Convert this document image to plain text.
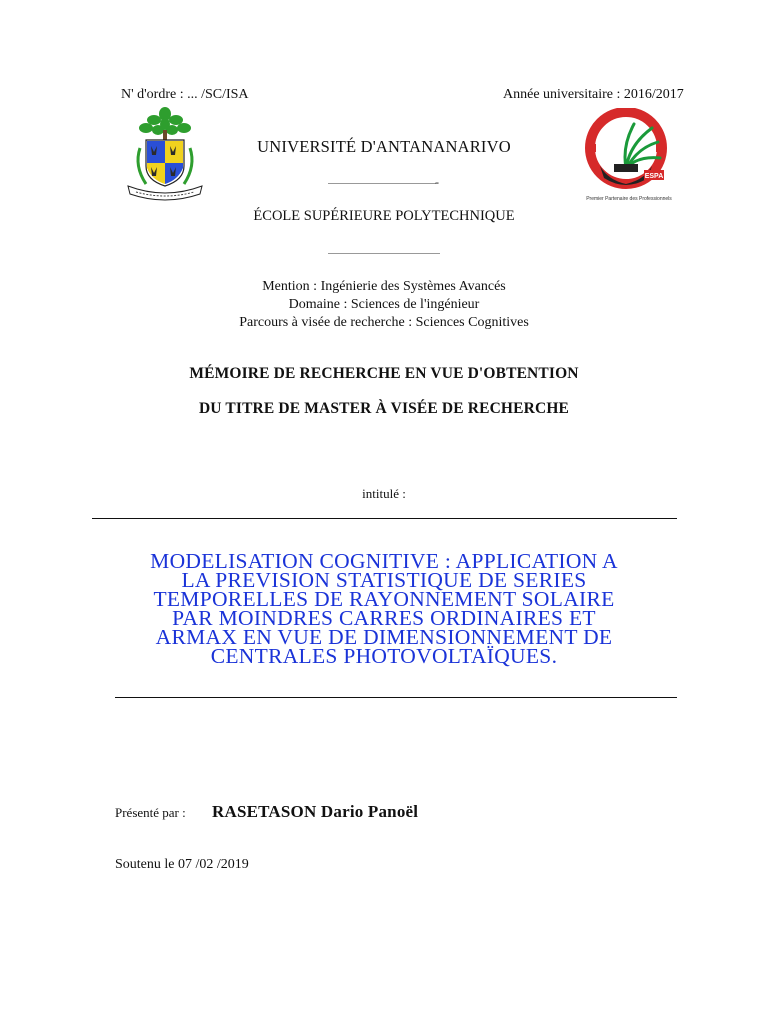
N' d'ordre : ... /SC/ISA	Année universitaire : 2016/2017
ESPA
Premier Partenaire des Professionnels
UNIVERSITÉ D'ANTANANARIVO
-
ÉCOLE SUPÉRIEURE POLYTECHNIQUE
Mention : Ingénierie des Systèmes Avancés
Domaine : Sciences de l'ingénieur
Parcours à visée de recherche : Sciences Cognitives
MÉMOIRE DE RECHERCHE EN VUE D'OBTENTION
DU TITRE DE MASTER À VISÉE DE RECHERCHE
intitulé :
MODELISATION COGNITIVE : APPLICATION A
LA PREVISION STATISTIQUE DE SERIES
TEMPORELLES DE RAYONNEMENT SOLAIRE
PAR MOINDRES CARRES ORDINAIRES ET
ARMAX EN VUE DE DIMENSIONNEMENT DE
CENTRALES PHOTOVOLTAÏQUES.
Présenté par : RASETASON Dario Panoël
Soutenu le 07 /02 /2019
